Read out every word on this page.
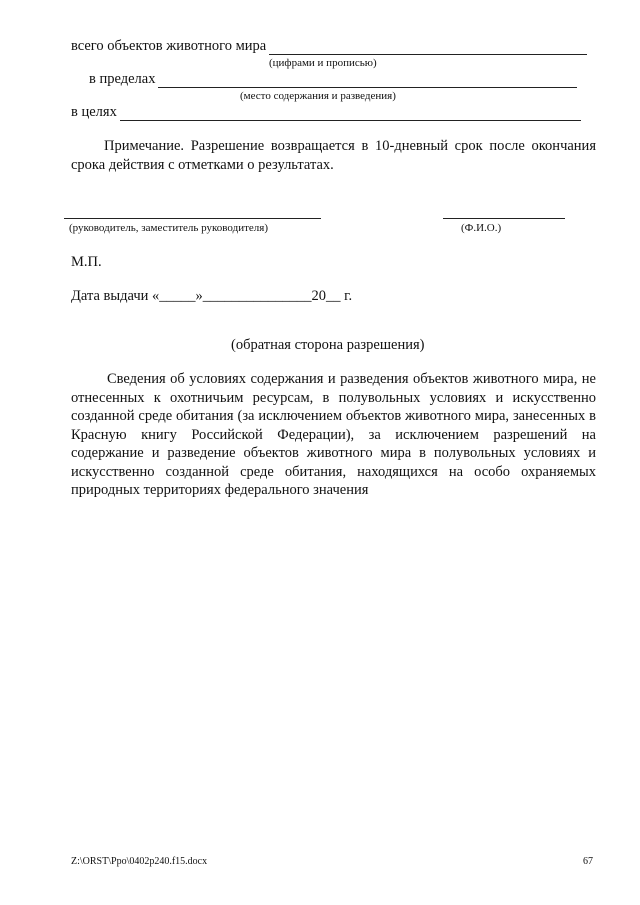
всего объектов животного мира
(цифрами и прописью)
в пределах
(место содержания и разведения)
в целях
Примечание. Разрешение возвращается в 10-дневный срок после окончания срока действия с отметками о результатах.
(руководитель, заместитель руководителя)	(Ф.И.О.)
М.П.
Дата выдачи «_____»_______________20__ г.
(обратная сторона разрешения)
Сведения об условиях содержания и разведения объектов животного мира, не отнесенных к охотничьим ресурсам, в полувольных условиях и искусственно созданной среде обитания (за исключением объектов животного мира, занесенных в Красную книгу Российской Федерации), за исключением разрешений на содержание и разведение объектов животного мира в полувольных условиях и искусственно созданной среде обитания, находящихся на особо охраняемых природных территориях федерального значения
Z:\ORST\Ppo\0402p240.f15.docx	67
